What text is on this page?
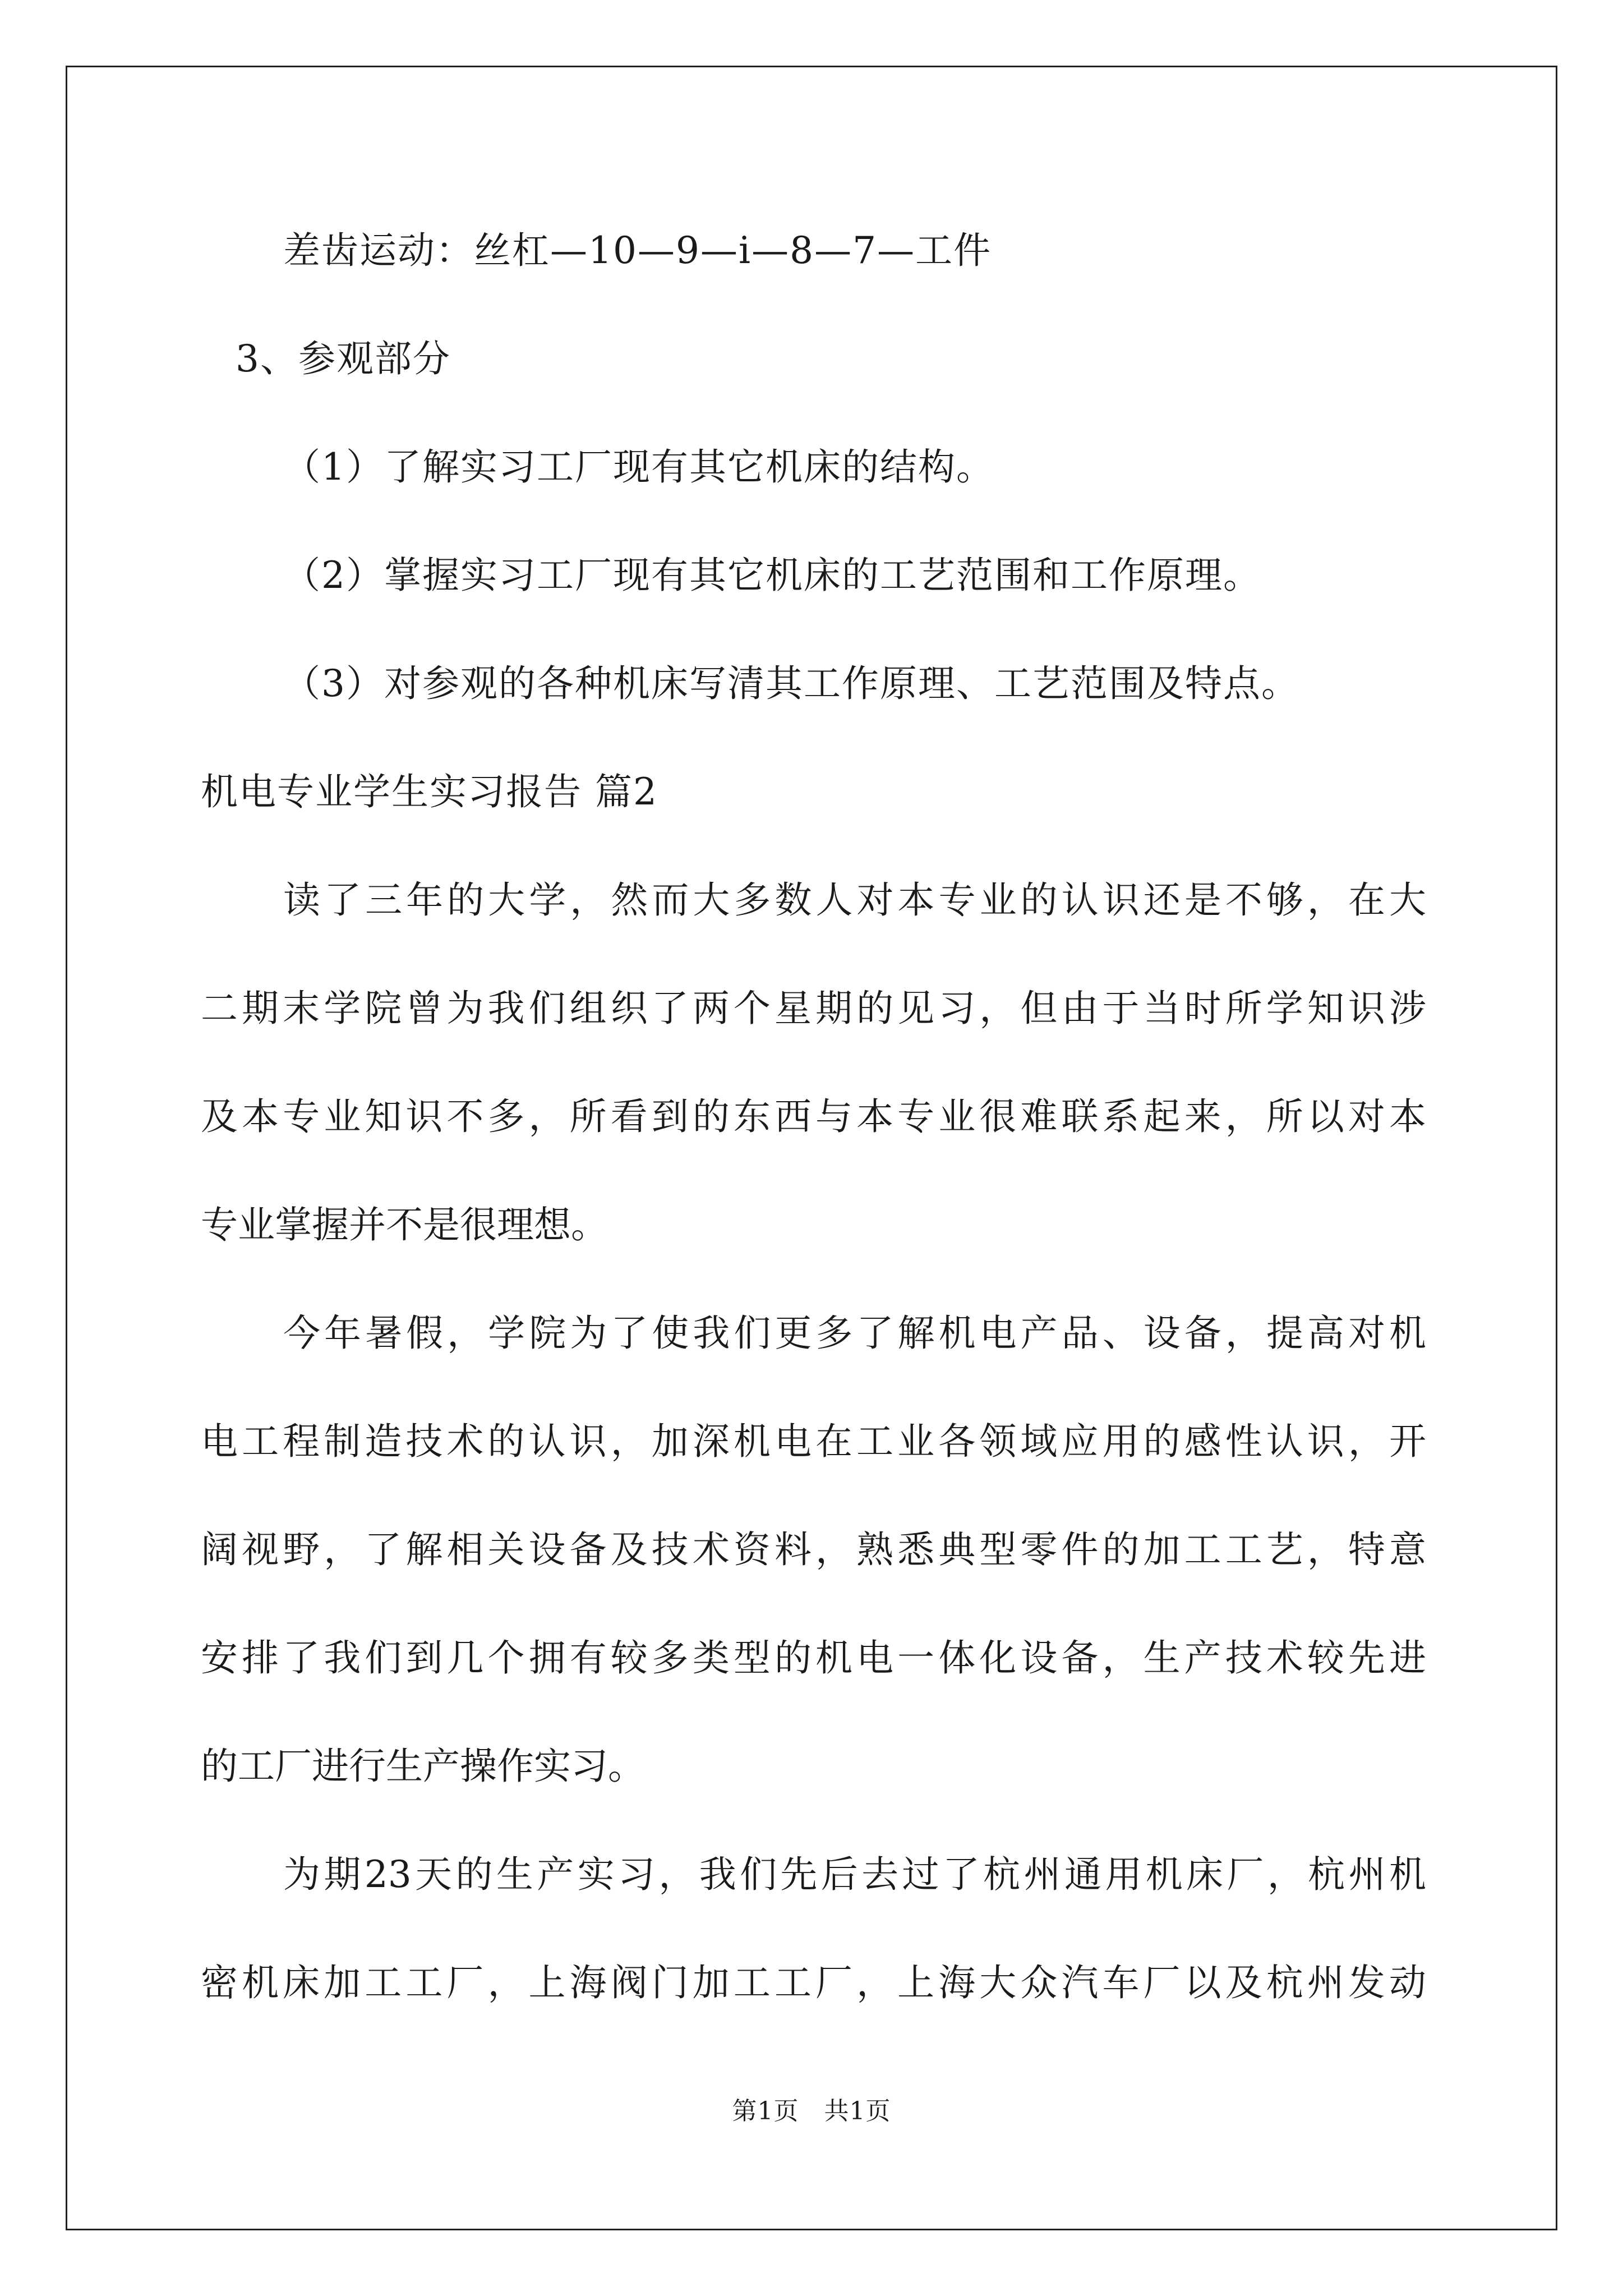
差齿运动：丝杠—10—9—i—8—7—工件
3、参观部分
（1）了解实习工厂现有其它机床的结构。
（2）掌握实习工厂现有其它机床的工艺范围和工作原理。
（3）对参观的各种机床写清其工作原理、工艺范围及特点。
机电专业学生实习报告 篇2
读了三年的大学，然而大多数人对本专业的认识还是不够，在大
二期末学院曾为我们组织了两个星期的见习，但由于当时所学知识涉
及本专业知识不多，所看到的东西与本专业很难联系起来，所以对本
专业掌握并不是很理想。
今年暑假，学院为了使我们更多了解机电产品、设备，提高对机
电工程制造技术的认识，加深机电在工业各领域应用的感性认识，开
阔视野，了解相关设备及技术资料，熟悉典型零件的加工工艺，特意
安排了我们到几个拥有较多类型的机电一体化设备，生产技术较先进
的工厂进行生产操作实习。
为期23天的生产实习，我们先后去过了杭州通用机床厂，杭州机
密机床加工工厂，上海阀门加工工厂，上海大众汽车厂以及杭州发动
第1页　共1页
